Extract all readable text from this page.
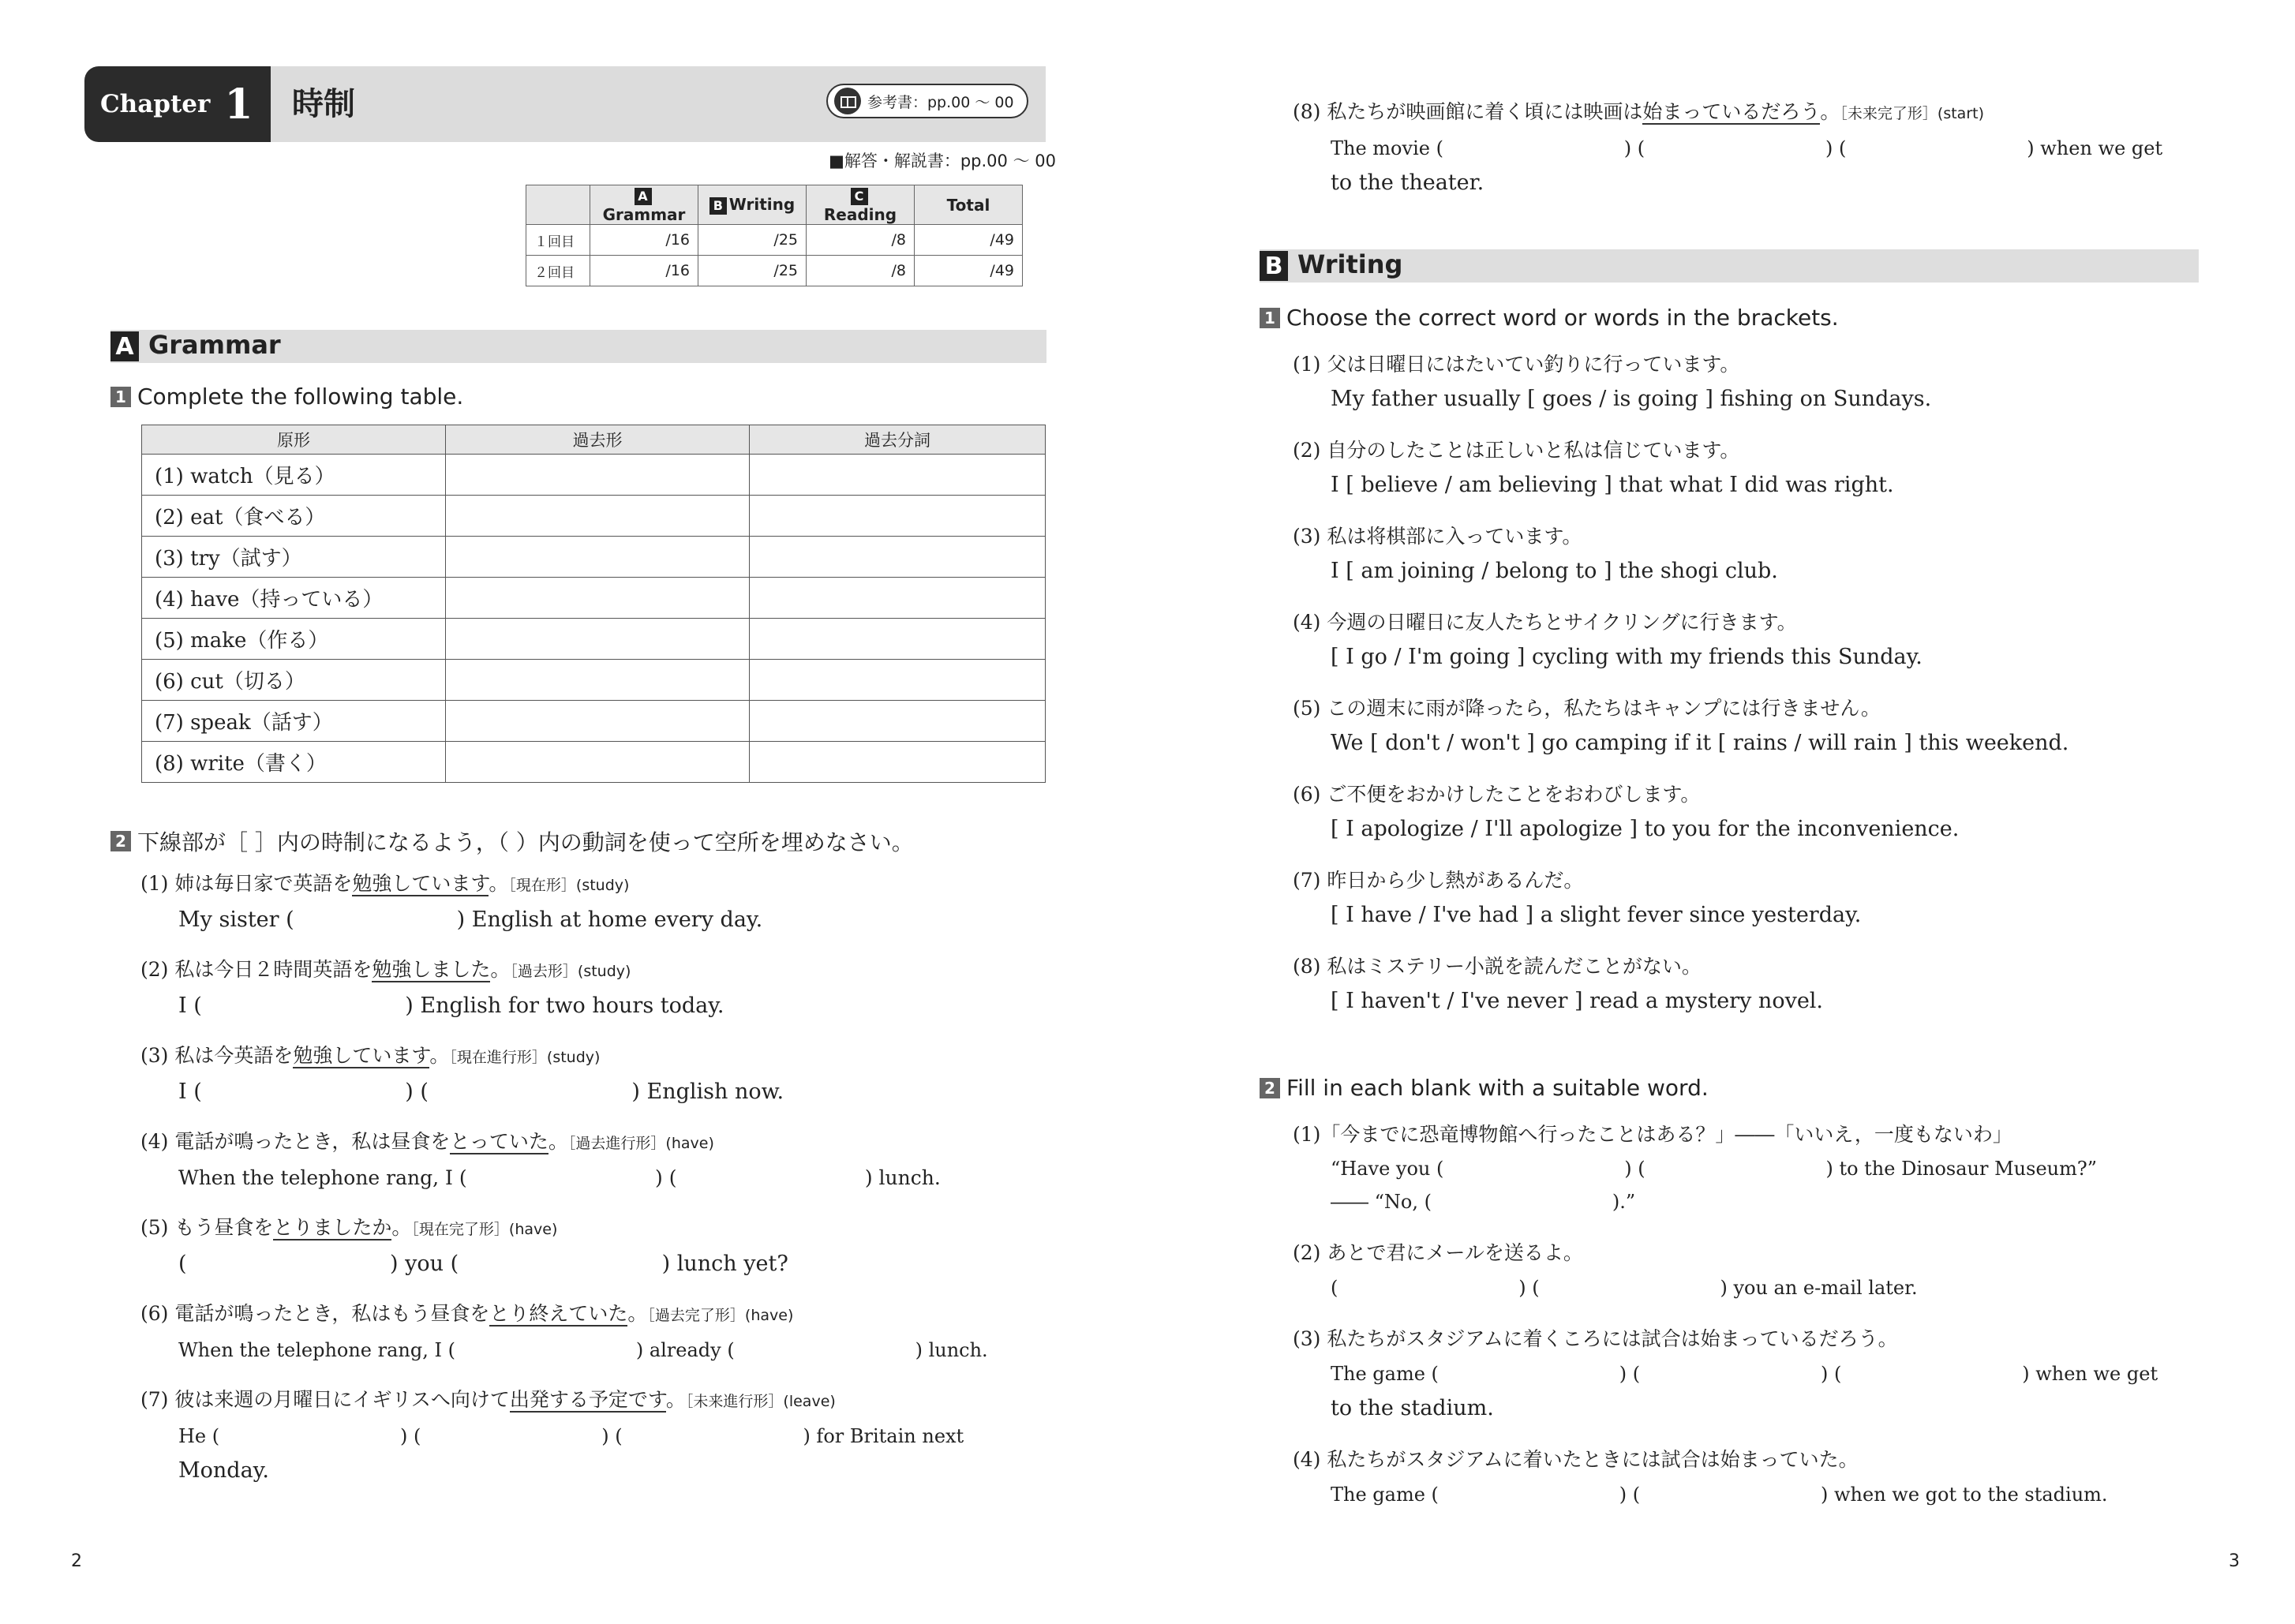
Chapter 1 時制	参考書：pp.00 ～ 00
■解答・解説書：pp.00 ～ 00
	AGrammar	B Writing	CReading	Total
１回目	/16	/25	/8	/49
２回目	/16	/25	/8	/49
A Grammar
1 Complete the following table.
原形	過去形	過去分詞
(1) watch（見る）		
(2) eat（食べる）		
(3) try（試す）		
(4) have（持っている）		
(5) make（作る）		
(6) cut（切る）		
(7) speak（話す）		
(8) write（書く）		
2 下線部が［ ］内の時制になるよう，（ ）内の動詞を使って空所を埋めなさい。
(1) 姉は毎日家で英語を勉強しています。［現在形］(study)
My sister (                        ) English at home every day.
(2) 私は今日２時間英語を勉強しました。［過去形］(study)
I (                              ) English for two hours today.
(3) 私は今英語を勉強しています。［現在進行形］(study)
I (                              ) (                              ) English now.
(4) 電話が鳴ったとき，私は昼食をとっていた。［過去進行形］(have)
When the telephone rang, I (                              ) (                              ) lunch.
(5) もう昼食をとりましたか。［現在完了形］(have)
(                              ) you (                              ) lunch yet?
(6) 電話が鳴ったとき，私はもう昼食をとり終えていた。［過去完了形］(have)
When the telephone rang, I (                              ) already (                              ) lunch.
(7) 彼は来週の月曜日にイギリスへ向けて出発する予定です。［未来進行形］(leave)
He (                              ) (                              ) (                              ) for Britain next
Monday.
2
(8) 私たちが映画館に着く頃には映画は始まっているだろう。［未来完了形］(start)
The movie (                              ) (                              ) (                              ) when we get
to the theater.
B Writing
1 Choose the correct word or words in the brackets.
(1) 父は日曜日にはたいてい釣りに行っています。
My father usually [ goes / is going ] fishing on Sundays.
(2) 自分のしたことは正しいと私は信じています。
I [ believe / am believing ] that what I did was right.
(3) 私は将棋部に入っています。
I [ am joining / belong to ] the shogi club.
(4) 今週の日曜日に友人たちとサイクリングに行きます。
[ I go / I'm going ] cycling with my friends this Sunday.
(5) この週末に雨が降ったら，私たちはキャンプには行きません。
We [ don't / won't ] go camping if it [ rains / will rain ] this weekend.
(6) ご不便をおかけしたことをおわびします。
[ I apologize / I'll apologize ] to you for the inconvenience.
(7) 昨日から少し熱があるんだ。
[ I have / I've had ] a slight fever since yesterday.
(8) 私はミステリー小説を読んだことがない。
[ I haven't / I've never ] read a mystery novel.
2 Fill in each blank with a suitable word.
(1)「今までに恐竜博物館へ行ったことはある？」――「いいえ，一度もないわ」
“Have you (                              ) (                              ) to the Dinosaur Museum?”
―― “No, (                              ).”
(2) あとで君にメールを送るよ。
(                              ) (                              ) you an e-mail later.
(3) 私たちがスタジアムに着くころには試合は始まっているだろう。
The game (                              ) (                              ) (                              ) when we get
to the stadium.
(4) 私たちがスタジアムに着いたときには試合は始まっていた。
The game (                              ) (                              ) when we got to the stadium.
3
